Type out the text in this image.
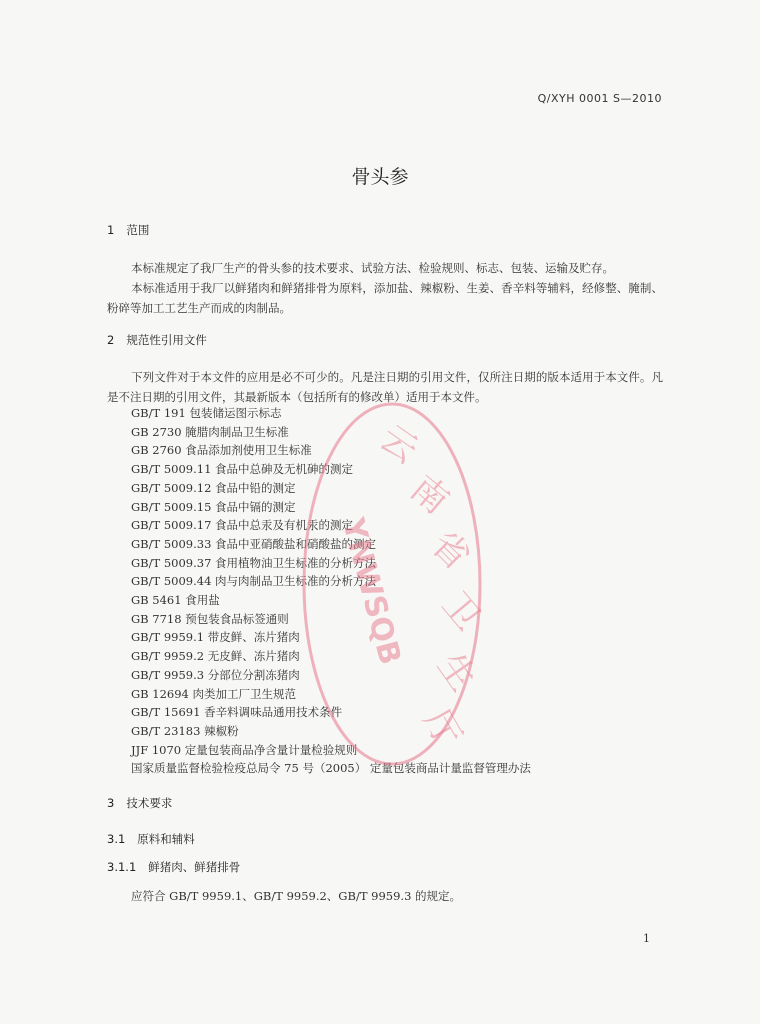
Q/XYH 0001 S—2010
骨头参
1 范围
本标准规定了我厂生产的骨头参的技术要求、试验方法、检验规则、标志、包装、运输及贮存。
本标准适用于我厂以鲜猪肉和鲜猪排骨为原料，添加盐、辣椒粉、生姜、香辛料等辅料，经修整、腌制、粉碎等加工工艺生产而成的肉制品。
2 规范性引用文件
下列文件对于本文件的应用是必不可少的。凡是注日期的引用文件，仅所注日期的版本适用于本文件。凡是不注日期的引用文件，其最新版本（包括所有的修改单）适用于本文件。
GB/T 191 包装储运图示标志
GB 2730 腌腊肉制品卫生标准
GB 2760 食品添加剂使用卫生标准
GB/T 5009.11 食品中总砷及无机砷的测定
GB/T 5009.12 食品中铅的测定
GB/T 5009.15 食品中镉的测定
GB/T 5009.17 食品中总汞及有机汞的测定
GB/T 5009.33 食品中亚硝酸盐和硝酸盐的测定
GB/T 5009.37 食用植物油卫生标准的分析方法
GB/T 5009.44 肉与肉制品卫生标准的分析方法
GB 5461 食用盐
GB 7718 预包装食品标签通则
GB/T 9959.1 带皮鲜、冻片猪肉
GB/T 9959.2 无皮鲜、冻片猪肉
GB/T 9959.3 分部位分割冻猪肉
GB 12694 肉类加工厂卫生规范
GB/T 15691 香辛料调味品通用技术条件
GB/T 23183 辣椒粉
JJF 1070 定量包装商品净含量计量检验规则
国家质量监督检验检疫总局令 75 号（2005） 定量包装商品计量监督管理办法
3 技术要求
3.1 原料和辅料
3.1.1 鲜猪肉、鲜猪排骨
应符合 GB/T 9959.1、GB/T 9959.2、GB/T 9959.3 的规定。
云
南
省
卫
生
厅
YNWSQB
1
